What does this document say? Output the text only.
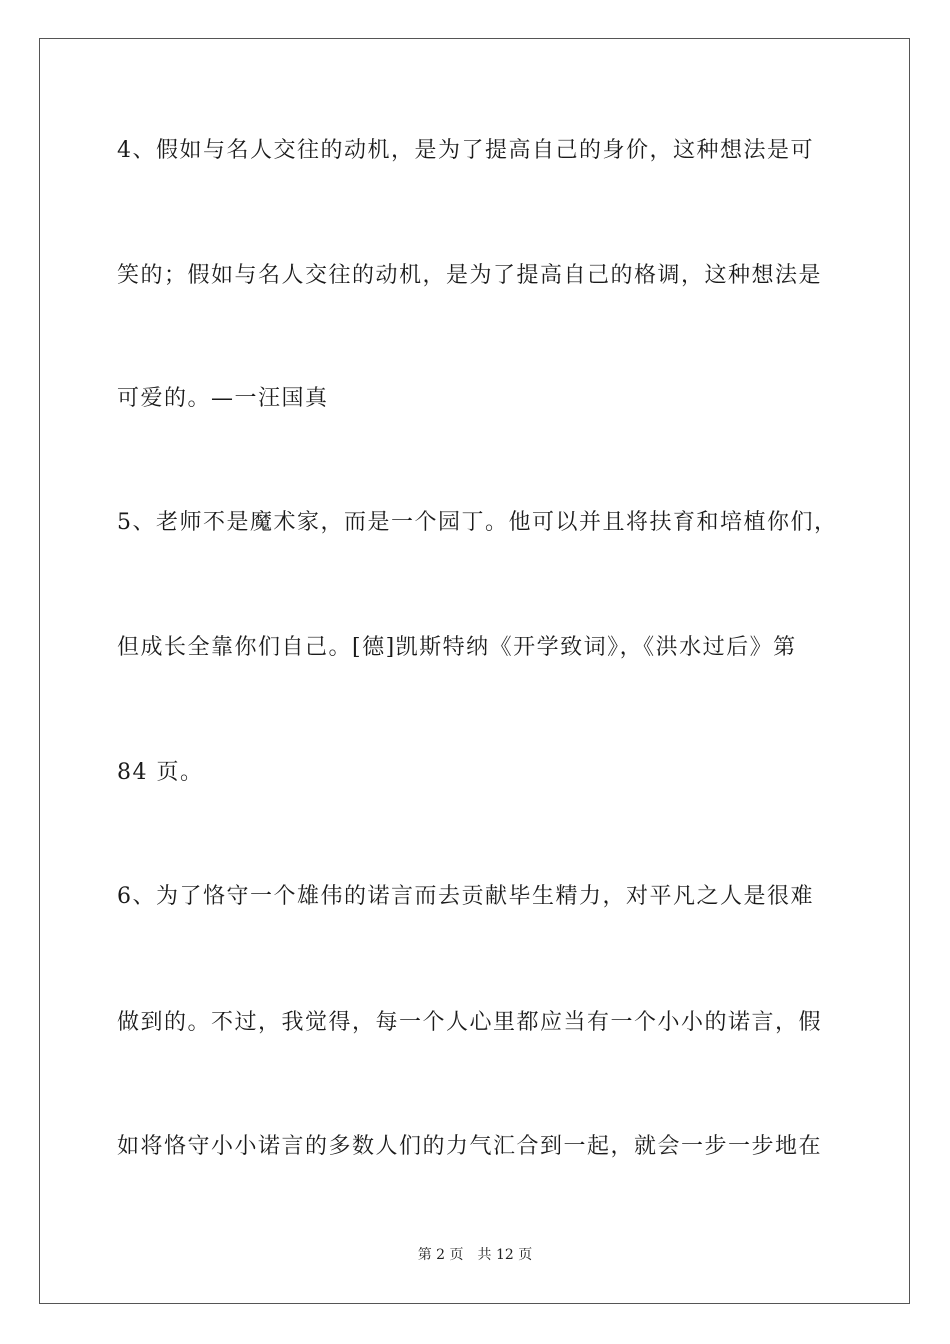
4、假如与名人交往的动机，是为了提高自己的身价，这种想法是可
笑的；假如与名人交往的动机，是为了提高自己的格调，这种想法是
可爱的。—一汪国真
5、老师不是魔术家，而是一个园丁。他可以并且将扶育和培植你们，
但成长全靠你们自己。[德]凯斯特纳《开学致词》，《洪水过后》第
84 页。
6、为了恪守一个雄伟的诺言而去贡献毕生精力，对平凡之人是很难
做到的。不过，我觉得，每一个人心里都应当有一个小小的诺言，假
如将恪守小小诺言的多数人们的力气汇合到一起，就会一步一步地在
第 2 页 共 12 页
